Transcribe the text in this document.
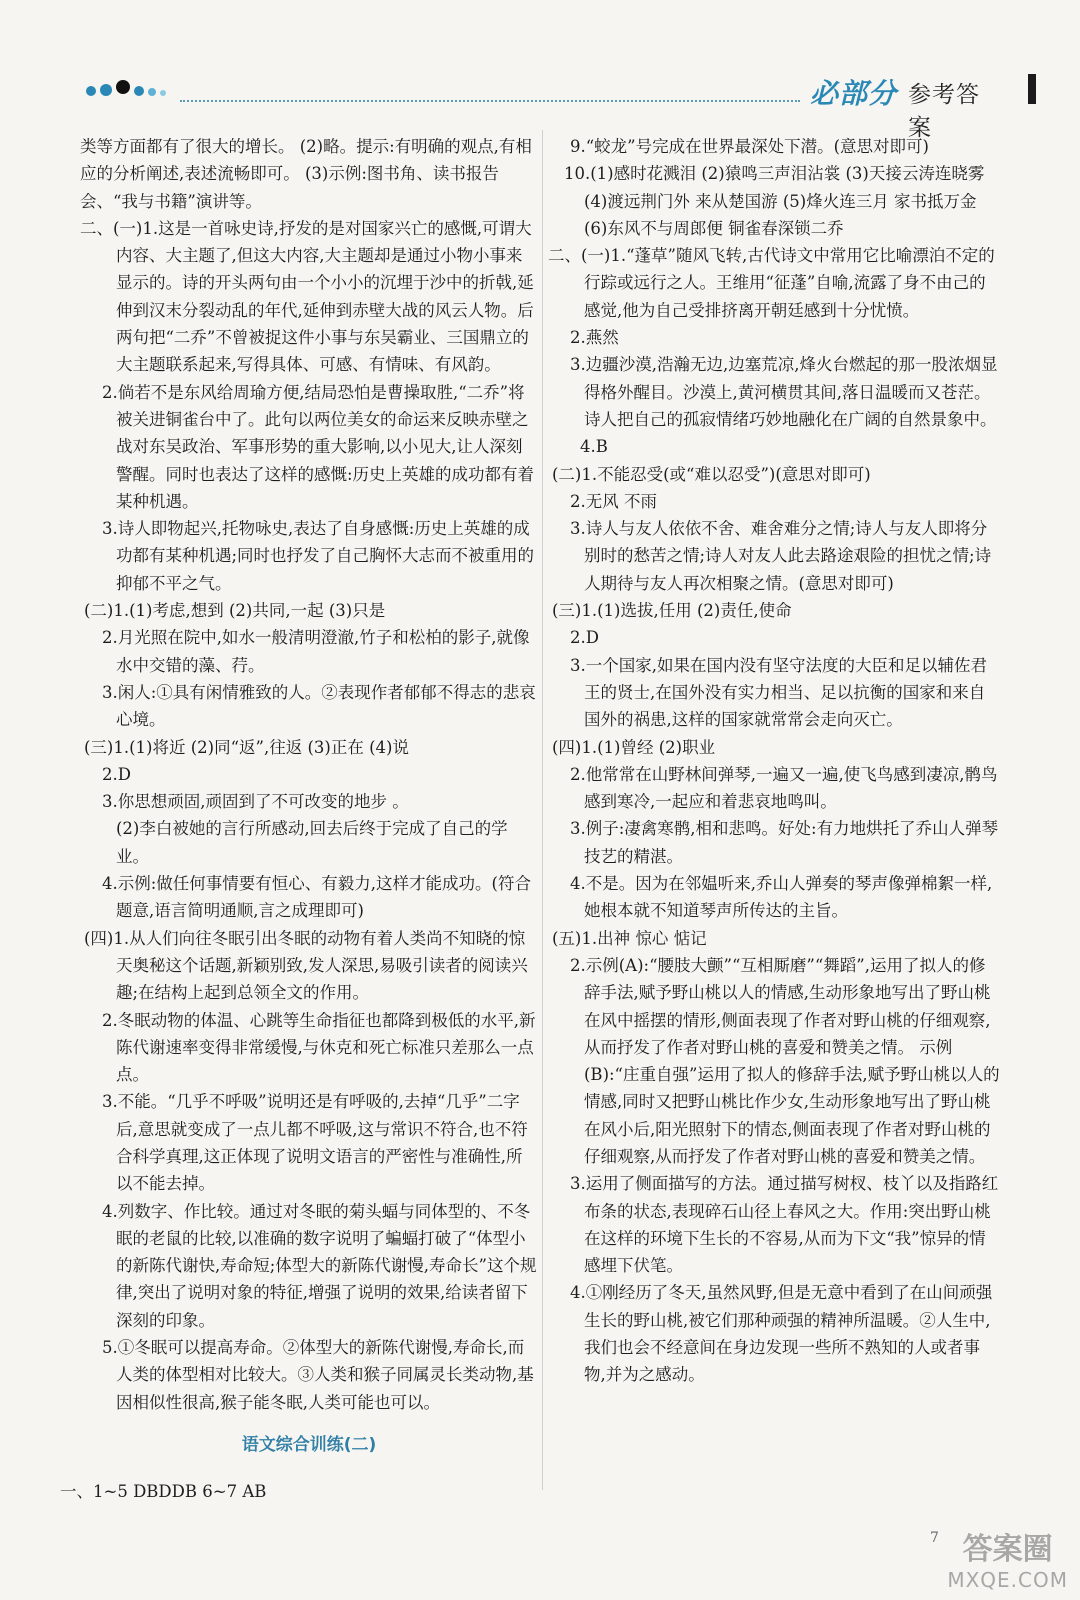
必部分 参考答案

类等方面都有了很大的增长。 (2)略。提示:有明确的观点,有相应的分析阐述,表述流畅即可。 (3)示例:图书角、读书报告会、“我与书籍”演讲等。

二、(一)1.这是一首咏史诗,抒发的是对国家兴亡的感慨,可谓大内容、大主题了,但这大内容,大主题却是通过小物小事来显示的。诗的开头两句由一个小小的沉埋于沙中的折戟,延伸到汉末分裂动乱的年代,延伸到赤壁大战的风云人物。后两句把“二乔”不曾被捉这件小事与东吴霸业、三国鼎立的大主题联系起来,写得具体、可感、有情味、有风韵。

2.倘若不是东风给周瑜方便,结局恐怕是曹操取胜,“二乔”将被关进铜雀台中了。此句以两位美女的命运来反映赤壁之战对东吴政治、军事形势的重大影响,以小见大,让人深刻警醒。同时也表达了这样的感慨:历史上英雄的成功都有着某种机遇。

3.诗人即物起兴,托物咏史,表达了自身感慨:历史上英雄的成功都有某种机遇;同时也抒发了自己胸怀大志而不被重用的抑郁不平之气。

(二)1.(1)考虑,想到 (2)共同,一起 (3)只是

2.月光照在院中,如水一般清明澄澈,竹子和松柏的影子,就像水中交错的藻、荇。

3.闲人:①具有闲情雅致的人。②表现作者郁郁不得志的悲哀心境。

(三)1.(1)将近 (2)同“返”,往返 (3)正在 (4)说

2.D

3.你思想顽固,顽固到了不可改变的地步 。

(2)李白被她的言行所感动,回去后终于完成了自己的学业。

4.示例:做任何事情要有恒心、有毅力,这样才能成功。(符合题意,语言简明通顺,言之成理即可)

(四)1.从人们向往冬眠引出冬眠的动物有着人类尚不知晓的惊天奥秘这个话题,新颖别致,发人深思,易吸引读者的阅读兴趣;在结构上起到总领全文的作用。

2.冬眠动物的体温、心跳等生命指征也都降到极低的水平,新陈代谢速率变得非常缓慢,与休克和死亡标准只差那么一点点。

3.不能。“几乎不呼吸”说明还是有呼吸的,去掉“几乎”二字后,意思就变成了一点儿都不呼吸,这与常识不符合,也不符合科学真理,这正体现了说明文语言的严密性与准确性,所以不能去掉。

4.列数字、作比较。通过对冬眠的菊头蝠与同体型的、不冬眠的老鼠的比较,以准确的数字说明了蝙蝠打破了“体型小的新陈代谢快,寿命短;体型大的新陈代谢慢,寿命长”这个规律,突出了说明对象的特征,增强了说明的效果,给读者留下深刻的印象。

5.①冬眠可以提高寿命。②体型大的新陈代谢慢,寿命长,而人类的体型相对比较大。③人类和猴子同属灵长类动物,基因相似性很高,猴子能冬眠,人类可能也可以。

语文综合训练(二)
一、1~5 DBDDB 6~7 AB

9.“蛟龙”号完成在世界最深处下潜。(意思对即可)

10.(1)感时花溅泪 (2)猿鸣三声泪沾裳 (3)天接云涛连晓雾 (4)渡远荆门外 来从楚国游 (5)烽火连三月 家书抵万金 (6)东风不与周郎便 铜雀春深锁二乔

二、(一)1.“蓬草”随风飞转,古代诗文中常用它比喻漂泊不定的行踪或远行之人。王维用“征蓬”自喻,流露了身不由己的感觉,他为自己受排挤离开朝廷感到十分忧愤。

2.燕然

3.边疆沙漠,浩瀚无边,边塞荒凉,烽火台燃起的那一股浓烟显得格外醒目。沙漠上,黄河横贯其间,落日温暖而又苍茫。诗人把自己的孤寂情绪巧妙地融化在广阔的自然景象中。

4.B

(二)1.不能忍受(或“难以忍受”)(意思对即可)

2.无风 不雨

3.诗人与友人依依不舍、难舍难分之情;诗人与友人即将分别时的愁苦之情;诗人对友人此去路途艰险的担忧之情;诗人期待与友人再次相聚之情。(意思对即可)

(三)1.(1)选拔,任用 (2)责任,使命

2.D

3.一个国家,如果在国内没有坚守法度的大臣和足以辅佐君王的贤士,在国外没有实力相当、足以抗衡的国家和来自国外的祸患,这样的国家就常常会走向灭亡。

(四)1.(1)曾经 (2)职业

2.他常常在山野林间弹琴,一遍又一遍,使飞鸟感到凄凉,鹘鸟感到寒冷,一起应和着悲哀地鸣叫。

3.例子:凄禽寒鹘,相和悲鸣。好处:有力地烘托了乔山人弹琴技艺的精湛。

4.不是。因为在邻媪听来,乔山人弹奏的琴声像弹棉絮一样,她根本就不知道琴声所传达的主旨。

(五)1.出神 惊心 惦记

2.示例(A):“腰肢大颤”“互相厮磨”“舞蹈”,运用了拟人的修辞手法,赋予野山桃以人的情感,生动形象地写出了野山桃在风中摇摆的情形,侧面表现了作者对野山桃的仔细观察,从而抒发了作者对野山桃的喜爱和赞美之情。 示例(B):“庄重自强”运用了拟人的修辞手法,赋予野山桃以人的情感,同时又把野山桃比作少女,生动形象地写出了野山桃在风小后,阳光照射下的情态,侧面表现了作者对野山桃的仔细观察,从而抒发了作者对野山桃的喜爱和赞美之情。

3.运用了侧面描写的方法。通过描写树杈、枝丫以及指路红布条的状态,表现碎石山径上春风之大。作用:突出野山桃在这样的环境下生长的不容易,从而为下文“我”惊异的情感埋下伏笔。

4.①刚经历了冬天,虽然风野,但是无意中看到了在山间顽强生长的野山桃,被它们那种顽强的精神所温暖。②人生中,我们也会不经意间在身边发现一些所不熟知的人或者事物,并为之感动。

7 答案圈
MXQE.COM
